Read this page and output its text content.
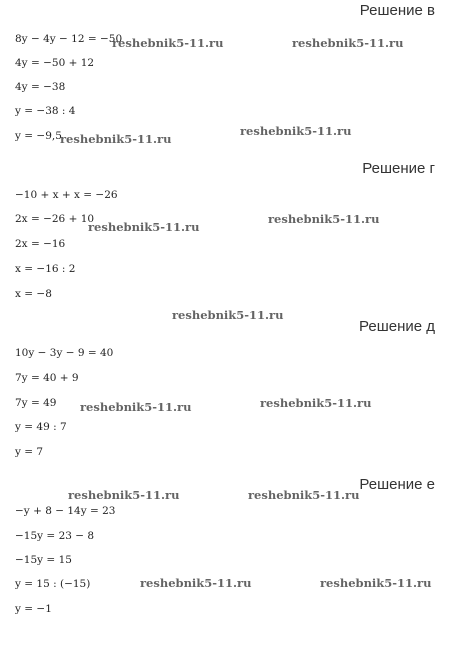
Решение в
8y − 4y − 12 = −50
4y = −50 + 12
4y = −38
y = −38 : 4
y = −9,5
Решение г
−10 + x + x = −26
2x = −26 + 10
2x = −16
x = −16 : 2
x = −8
Решение д
10y − 3y − 9 = 40
7y = 40 + 9
7y = 49
y = 49 : 7
y = 7
Решение е
−y + 8 − 14y = 23
−15y = 23 − 8
−15y = 15
y = 15 : (−15)
y = −1
reshebnik5-11.ru	reshebnik5-11.ru
reshebnik5-11.ru
reshebnik5-11.ru
reshebnik5-11.ru
reshebnik5-11.ru
reshebnik5-11.ru
reshebnik5-11.ru	reshebnik5-11.ru
reshebnik5-11.ru	reshebnik5-11.ru
reshebnik5-11.ru	reshebnik5-11.ru
